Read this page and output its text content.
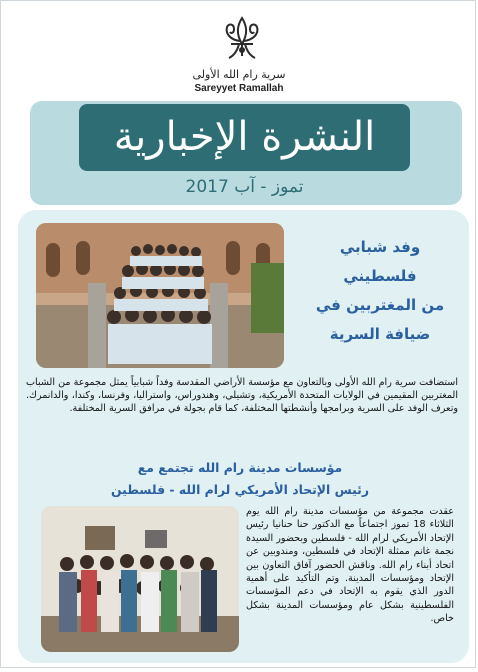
سرية رام الله الأولى
Sareyyet Ramallah
النشرة الإخبارية
تموز - آب 2017
وفد شبابي
فلسطيني
من المغتربين في
ضيافة السرية
استضافت سرية رام الله الأولى وبالتعاون مع مؤسسة الأراضي المقدسة وفداً شبابياً يمثل مجموعة من الشباب المغتربين المقيمين في الولايات المتحدة الأمريكية، وتشيلي، وهندوراس، واستراليا، وفرنسا، وكندا، والدانمرك. وتعرف الوفد على السرية وبرامجها وأنشطتها المختلفة، كما قام بجولة في مرافق السرية المختلفة.
مؤسسات مدينة رام الله تجتمع مع
رئيس الإتحاد الأمريكي لرام الله - فلسطين
عقدت مجموعة من مؤسسات مدينة رام الله يوم الثلاثاء 18 تموز اجتماعاً مع الدكتور حنا حنانيا رئيس الإتحاد الأمريكي لرام الله - فلسطين وبحضور السيدة نجمة غانم ممثلة الإتحاد في فلسطين، ومندوبين عن اتحاد أبناء رام الله. وناقش الحضور آفاق التعاون بين الإتحاد ومؤسسات المدينة. وتم التأكيد على أهمية الدور الذي يقوم به الإتحاد في دعم المؤسسات الفلسطينية بشكل عام ومؤسسات المدينة بشكل خاص.
